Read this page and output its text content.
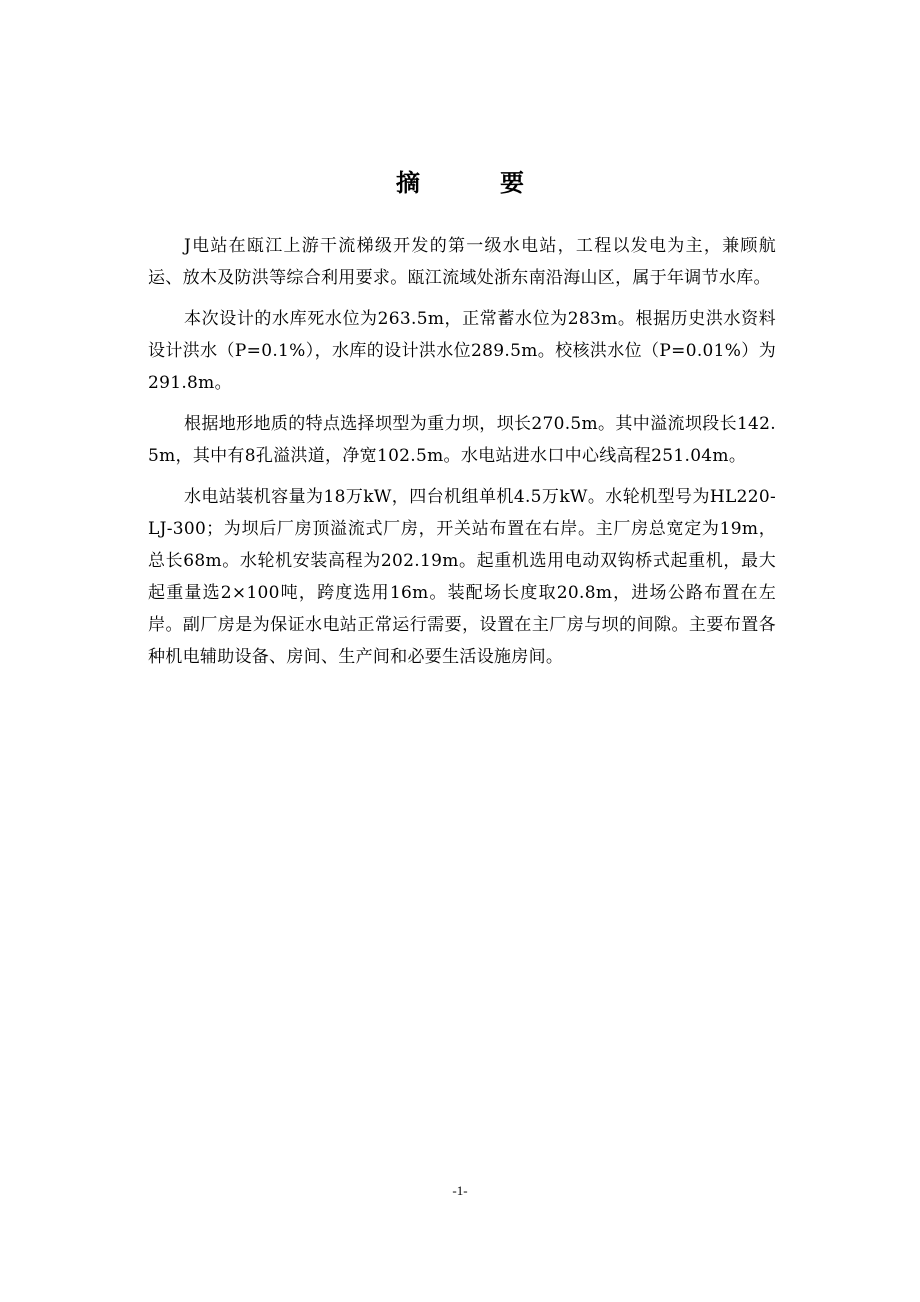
摘　要

J电站在瓯江上游干流梯级开发的第一级水电站，工程以发电为主，兼顾航运、放木及防洪等综合利用要求。瓯江流域处浙东南沿海山区，属于年调节水库。

本次设计的水库死水位为263.5m，正常蓄水位为283m。根据历史洪水资料设计洪水（P=0.1%），水库的设计洪水位289.5m。校核洪水位（P=0.01%）为291.8m。

根据地形地质的特点选择坝型为重力坝，坝长270.5m。其中溢流坝段长142.5m，其中有8孔溢洪道，净宽102.5m。水电站进水口中心线高程251.04m。

水电站装机容量为18万kW，四台机组单机4.5万kW。水轮机型号为HL220-LJ-300；为坝后厂房顶溢流式厂房，开关站布置在右岸。主厂房总宽定为19m，总长68m。水轮机安装高程为202.19m。起重机选用电动双钩桥式起重机，最大起重量选2×100吨，跨度选用16m。装配场长度取20.8m，进场公路布置在左岸。副厂房是为保证水电站正常运行需要，设置在主厂房与坝的间隙。主要布置各种机电辅助设备、房间、生产间和必要生活设施房间。

-1-
